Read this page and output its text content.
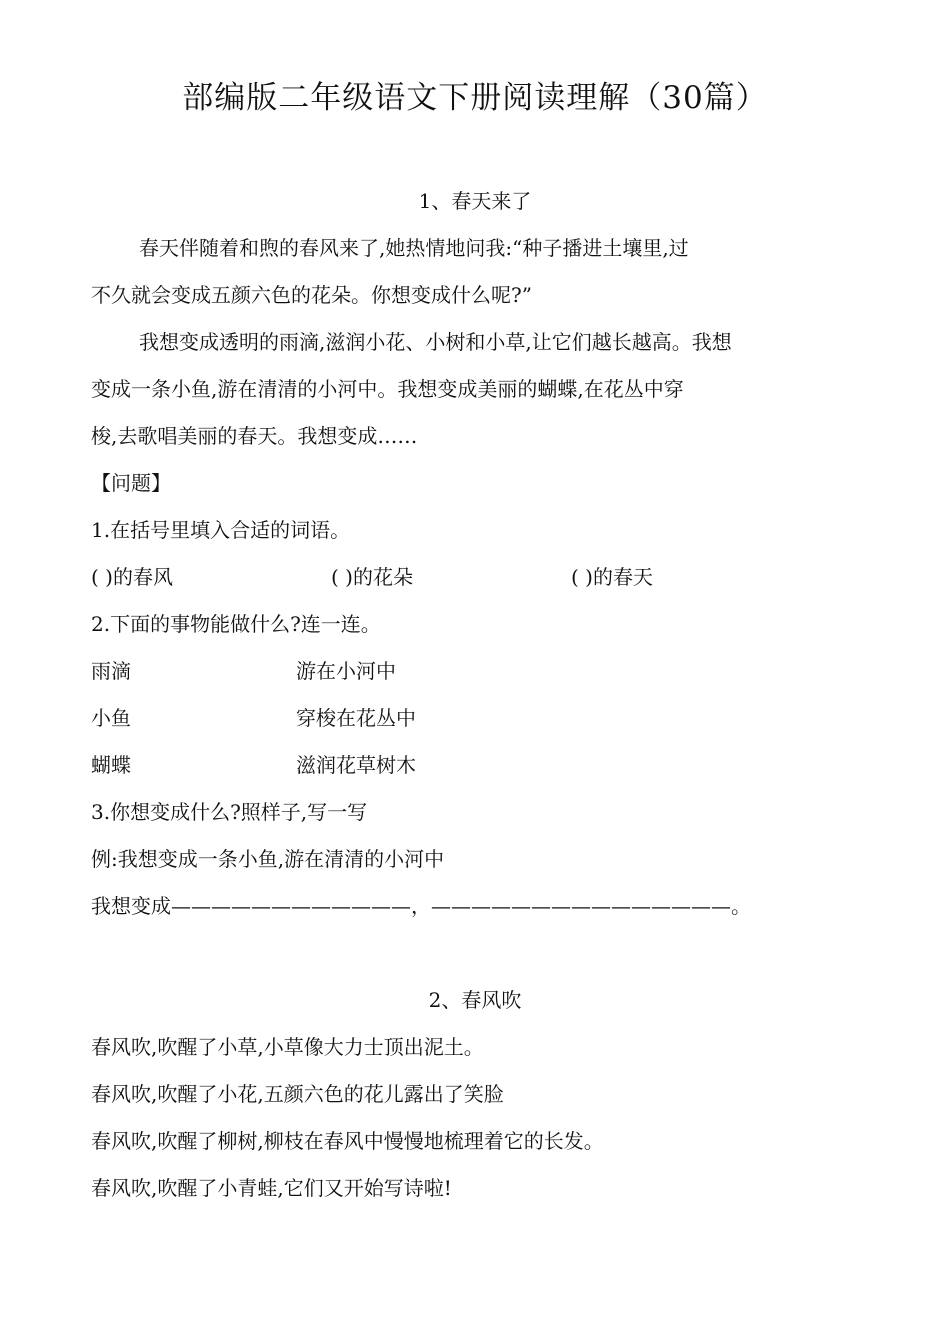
部编版二年级语文下册阅读理解（30篇）
1、春天来了
春天伴随着和煦的春风来了,她热情地问我:“种子播进土壤里,过
不久就会变成五颜六色的花朵。你想变成什么呢?”
我想变成透明的雨滴,滋润小花、小树和小草,让它们越长越高。我想
变成一条小鱼,游在清清的小河中。我想变成美丽的蝴蝶,在花丛中穿
梭,去歌唱美丽的春天。我想变成……
【问题】
1.在括号里填入合适的词语。
( )的春风	( )的花朵	( )的春天
2.下面的事物能做什么?连一连。
雨滴	游在小河中
小鱼	穿梭在花丛中
蝴蝶	滋润花草树木
3.你想变成什么?照样子,写一写
例:我想变成一条小鱼,游在清清的小河中
我想变成————————————，———————————————。
2、春风吹
春风吹,吹醒了小草,小草像大力士顶出泥土。
春风吹,吹醒了小花,五颜六色的花儿露出了笑脸
春风吹,吹醒了柳树,柳枝在春风中慢慢地梳理着它的长发。
春风吹,吹醒了小青蛙,它们又开始写诗啦!
